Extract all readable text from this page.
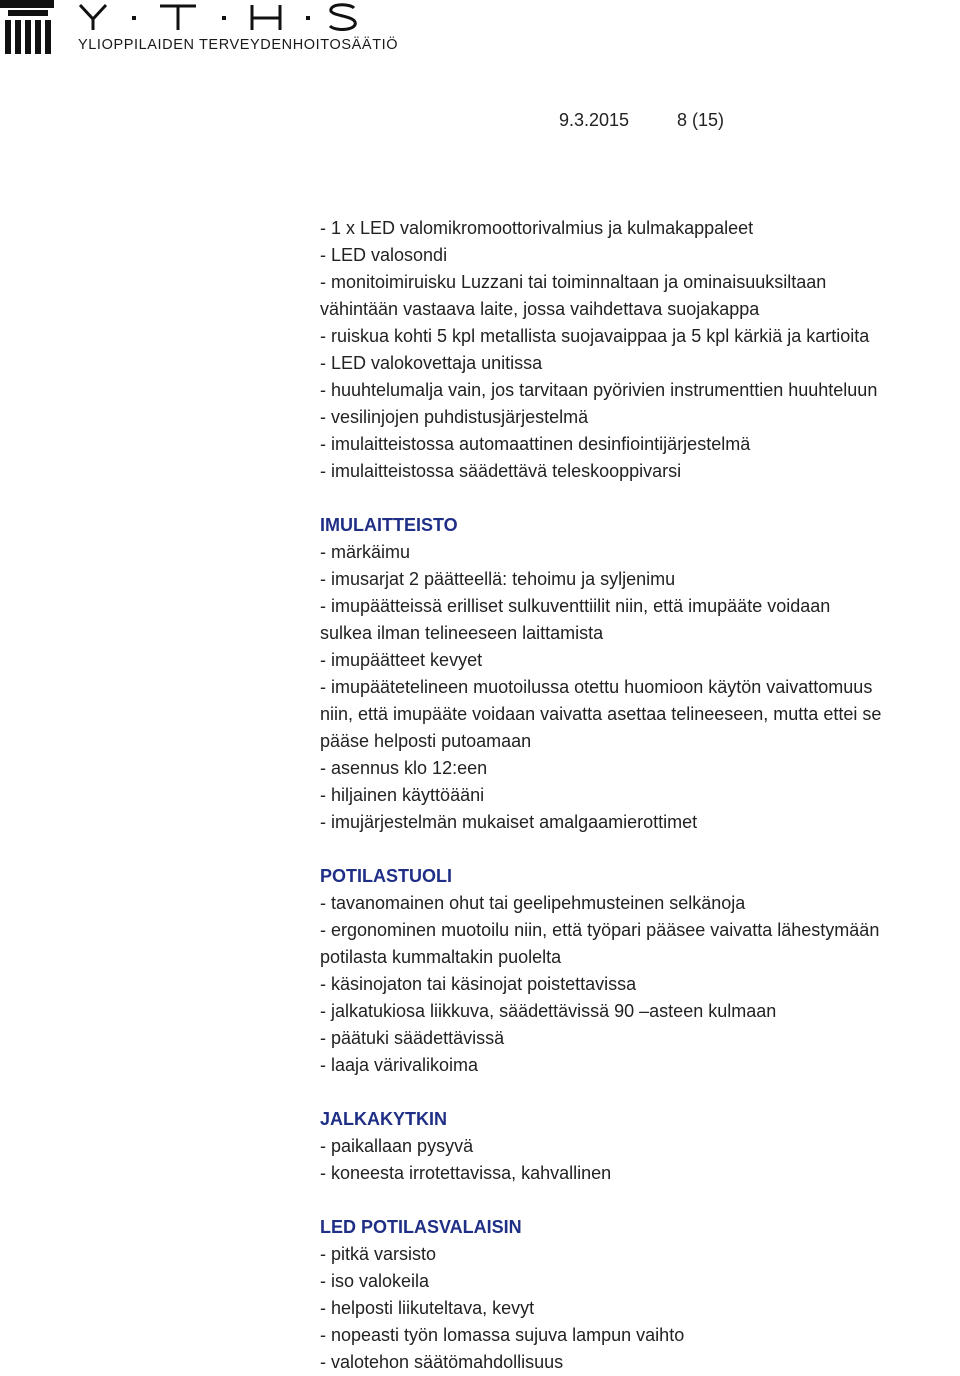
YLIOPPILAIDEN TERVEYDENHOITOSÄÄTIÖ
9.3.2015	8 (15)
- 1 x LED valomikromoottorivalmius ja kulmakappaleet
- LED valosondi
- monitoimiruisku Luzzani tai toiminnaltaan ja ominaisuuksiltaan
vähintään vastaava laite, jossa vaihdettava suojakappa
- ruiskua kohti 5 kpl metallista suojavaippaa ja 5 kpl kärkiä ja kartioita
- LED valokovettaja unitissa
- huuhtelumalja vain, jos tarvitaan pyörivien instrumenttien huuhteluun
- vesilinjojen puhdistusjärjestelmä
- imulaitteistossa automaattinen desinfiointijärjestelmä
- imulaitteistossa säädettävä teleskooppivarsi
IMULAITTEISTO
- märkäimu
- imusarjat 2 päätteellä: tehoimu ja syljenimu
- imupäätteissä erilliset sulkuventtiilit niin, että imupääte voidaan
sulkea ilman telineeseen laittamista
- imupäätteet kevyet
- imupäätetelineen muotoilussa otettu huomioon käytön vaivattomuus
niin, että imupääte voidaan vaivatta asettaa telineeseen, mutta ettei se
pääse helposti putoamaan
- asennus klo 12:een
- hiljainen käyttöääni
- imujärjestelmän mukaiset amalgaamierottimet
POTILASTUOLI
- tavanomainen ohut tai geelipehmusteinen selkänoja
- ergonominen muotoilu niin, että työpari pääsee vaivatta lähestymään
potilasta kummaltakin puolelta
- käsinojaton tai käsinojat poistettavissa
- jalkatukiosa liikkuva, säädettävissä 90 –asteen kulmaan
- päätuki säädettävissä
- laaja värivalikoima
JALKAKYTKIN
- paikallaan pysyvä
- koneesta irrotettavissa, kahvallinen
LED POTILASVALAISIN
- pitkä varsisto
- iso valokeila
- helposti liikuteltava, kevyt
- nopeasti työn lomassa sujuva lampun vaihto
- valotehon säätömahdollisuus
